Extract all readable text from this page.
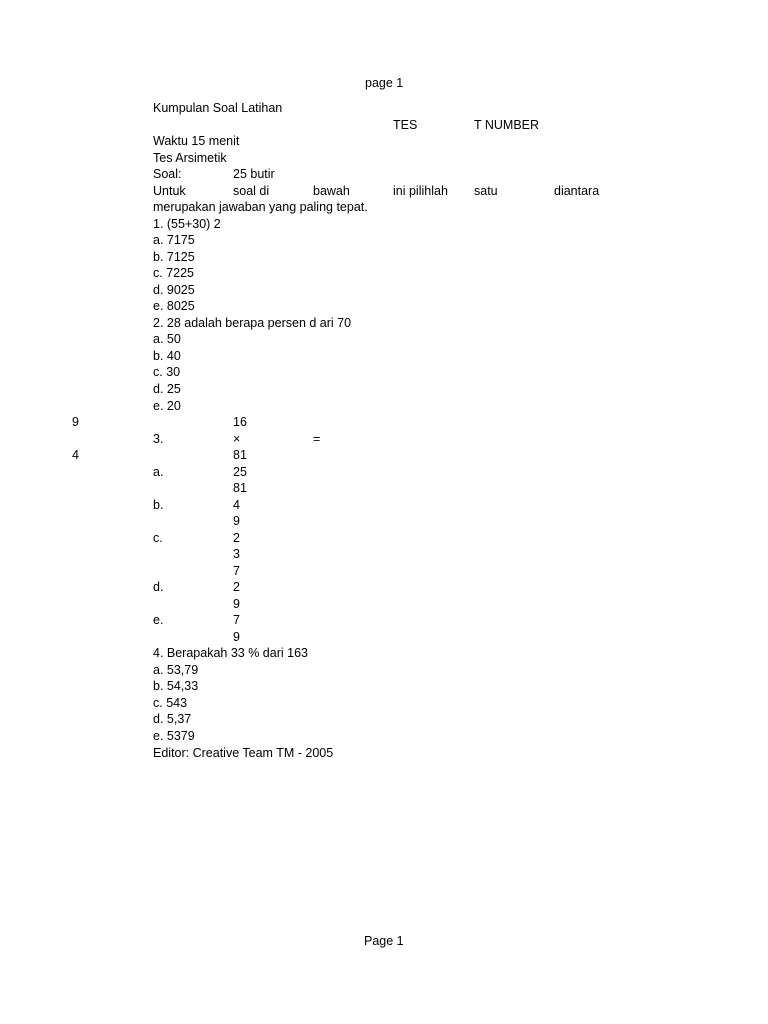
page 1
Kumpulan Soal Latihan
TES	T NUMBER
Waktu 15 menit
Tes Arsimetik
Soal:	25 butir
Untuk	soal di	bawah	ini pilihlah satu	diantara
merupakan jawaban yang paling tepat.
1. (55+30) 2
a. 7175
b. 7125
c. 7225
d. 9025
e. 8025
2. 28 adalah berapa persen d ari 70
a. 50
b. 40
c. 30
d. 25
e. 20
9	16
3.	×	=
4	81
a.	25
81
b.	4
9
c.	2
3
7
d.	2
9
e.	7
9
4. Berapakah 33 % dari 163
a. 53,79
b. 54,33
c. 543
d. 5,37
e. 5379
Editor: Creative Team TM - 2005
Page 1
